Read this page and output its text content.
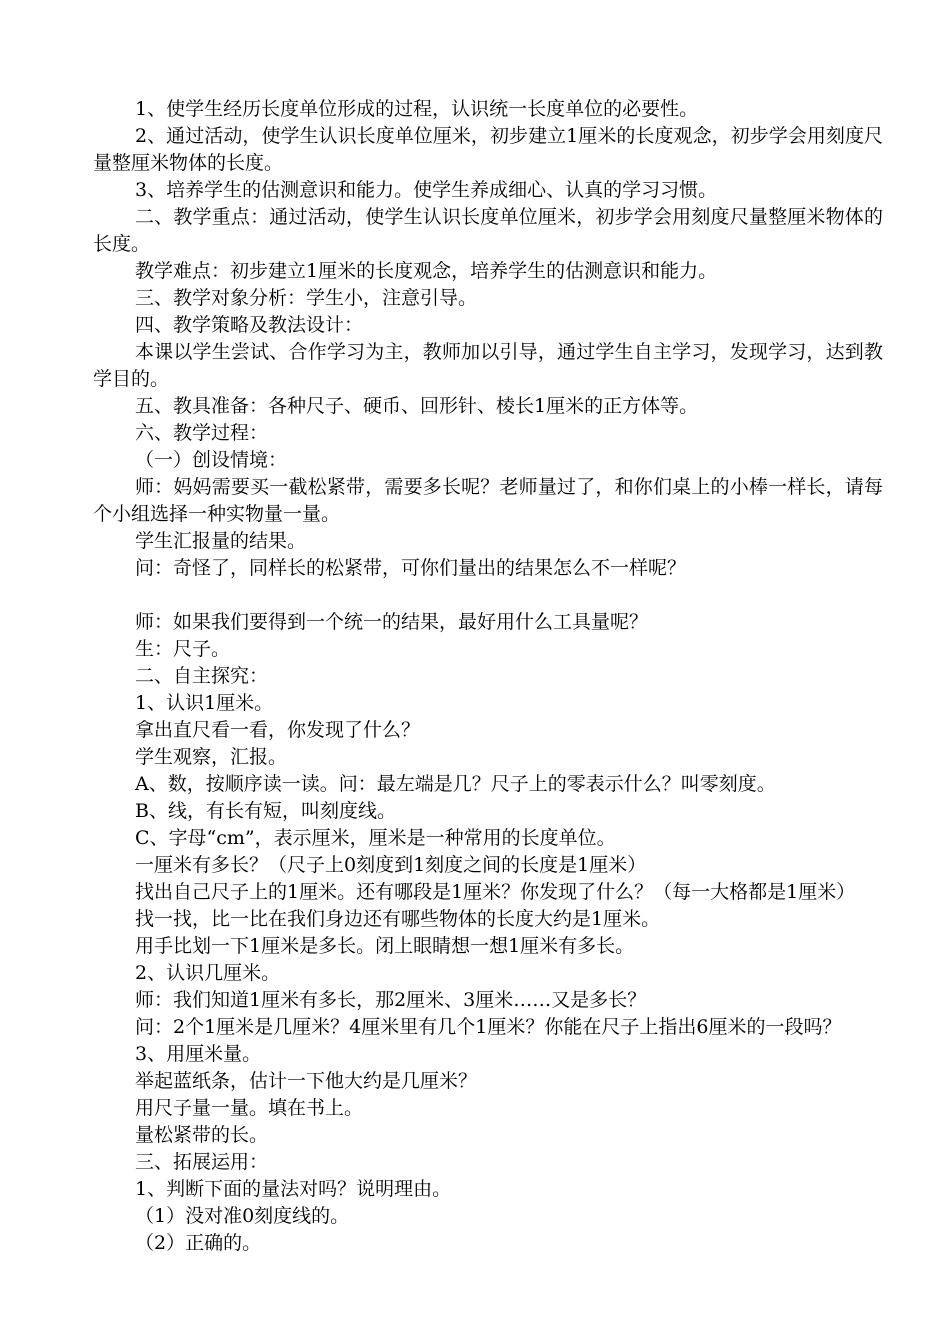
1、使学生经历长度单位形成的过程，认识统一长度单位的必要性。

2、通过活动，使学生认识长度单位厘米，初步建立1厘米的长度观念，初步学会用刻度尺量整厘米物体的长度。

3、培养学生的估测意识和能力。使学生养成细心、认真的学习习惯。

二、教学重点：通过活动，使学生认识长度单位厘米，初步学会用刻度尺量整厘米物体的长度。

教学难点：初步建立1厘米的长度观念，培养学生的估测意识和能力。

三、教学对象分析：学生小，注意引导。

四、教学策略及教法设计：

本课以学生尝试、合作学习为主，教师加以引导，通过学生自主学习，发现学习，达到教学目的。

五、教具准备：各种尺子、硬币、回形针、棱长1厘米的正方体等。

六、教学过程：

（一）创设情境：

师：妈妈需要买一截松紧带，需要多长呢？老师量过了，和你们桌上的小棒一样长，请每个小组选择一种实物量一量。

学生汇报量的结果。

问：奇怪了，同样长的松紧带，可你们量出的结果怎么不一样呢？

师：如果我们要得到一个统一的结果，最好用什么工具量呢？

生：尺子。

二、自主探究：

1、认识1厘米。

拿出直尺看一看，你发现了什么？

学生观察，汇报。

A、数，按顺序读一读。问：最左端是几？尺子上的零表示什么？叫零刻度。

B、线，有长有短，叫刻度线。

C、字母“cm”，表示厘米，厘米是一种常用的长度单位。

一厘米有多长？（尺子上0刻度到1刻度之间的长度是1厘米）

找出自己尺子上的1厘米。还有哪段是1厘米？你发现了什么？（每一大格都是1厘米）

找一找，比一比在我们身边还有哪些物体的长度大约是1厘米。

用手比划一下1厘米是多长。闭上眼睛想一想1厘米有多长。

2、认识几厘米。

师：我们知道1厘米有多长，那2厘米、3厘米……又是多长？

问：2个1厘米是几厘米？4厘米里有几个1厘米？你能在尺子上指出6厘米的一段吗？

3、用厘米量。

举起蓝纸条，估计一下他大约是几厘米？

用尺子量一量。填在书上。

量松紧带的长。

三、拓展运用：

1、判断下面的量法对吗？说明理由。

（1）没对准0刻度线的。

（2）正确的。
